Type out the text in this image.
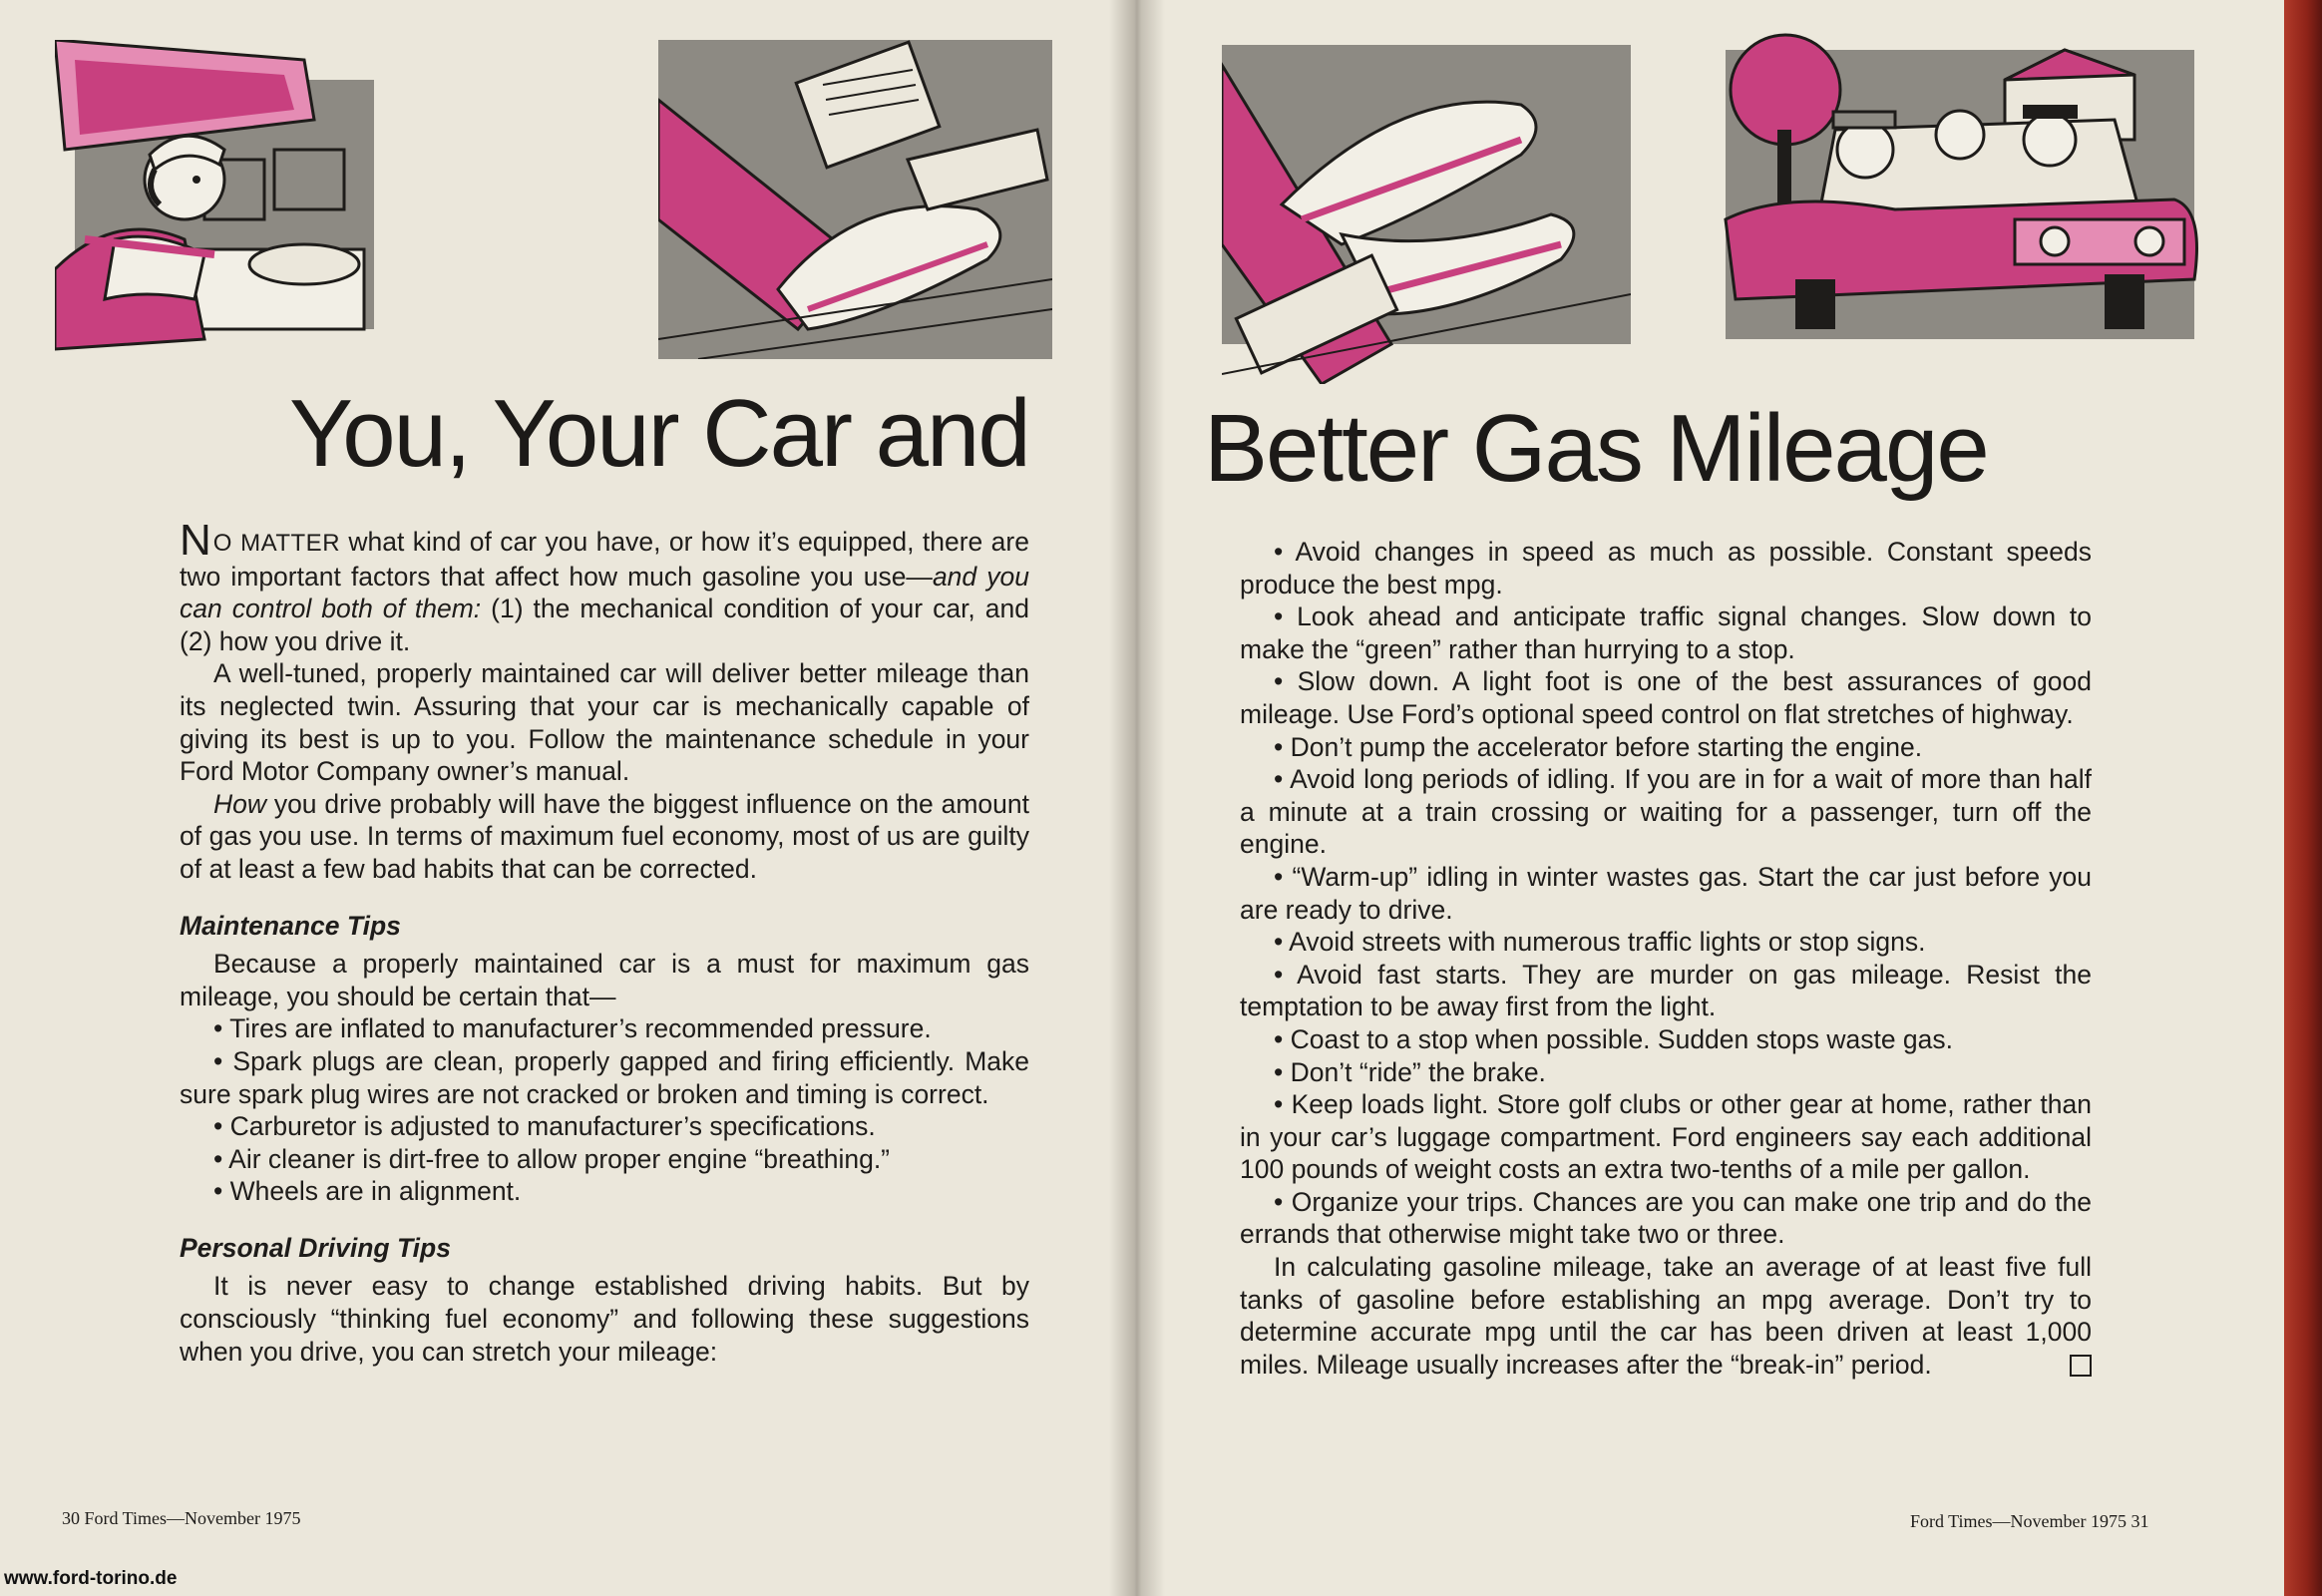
You, Your Car and Better Gas Mileage

NO MATTER what kind of car you have, or how it’s equipped, there are two important factors that affect how much gasoline you use—and you can control both of them: (1) the mechanical condition of your car, and (2) how you drive it.

A well-tuned, properly maintained car will deliver better mileage than its neglected twin. Assuring that your car is mechanically capable of giving its best is up to you. Follow the maintenance schedule in your Ford Motor Company owner’s manual.

How you drive probably will have the biggest influence on the amount of gas you use. In terms of maximum fuel economy, most of us are guilty of at least a few bad habits that can be corrected.

Maintenance Tips

Because a properly maintained car is a must for maximum gas mileage, you should be certain that—

• Tires are inflated to manufacturer’s recommended pressure.

• Spark plugs are clean, properly gapped and firing efficiently. Make sure spark plug wires are not cracked or broken and timing is correct.

• Carburetor is adjusted to manufacturer’s specifications.

• Air cleaner is dirt-free to allow proper engine “breathing.”

• Wheels are in alignment.

Personal Driving Tips

It is never easy to change established driving habits. But by consciously “thinking fuel economy” and following these suggestions when you drive, you can stretch your mileage:

• Avoid changes in speed as much as possible. Constant speeds produce the best mpg.

• Look ahead and anticipate traffic signal changes. Slow down to make the “green” rather than hurrying to a stop.

• Slow down. A light foot is one of the best assurances of good mileage. Use Ford’s optional speed control on flat stretches of highway.

• Don’t pump the accelerator before starting the engine.

• Avoid long periods of idling. If you are in for a wait of more than half a minute at a train crossing or waiting for a passenger, turn off the engine.

• “Warm-up” idling in winter wastes gas. Start the car just before you are ready to drive.

• Avoid streets with numerous traffic lights or stop signs.

• Avoid fast starts. They are murder on gas mileage. Resist the temptation to be away first from the light.

• Coast to a stop when possible. Sudden stops waste gas.

• Don’t “ride” the brake.

• Keep loads light. Store golf clubs or other gear at home, rather than in your car’s luggage compartment. Ford engineers say each additional 100 pounds of weight costs an extra two-tenths of a mile per gallon.

• Organize your trips. Chances are you can make one trip and do the errands that otherwise might take two or three.

In calculating gasoline mileage, take an average of at least five full tanks of gasoline before establishing an mpg average. Don’t try to determine accurate mpg until the car has been driven at least 1,000 miles. Mileage usually increases after the “break-in” period.

30 Ford Times—November 1975	Ford Times—November 1975 31
www.ford-torino.de
